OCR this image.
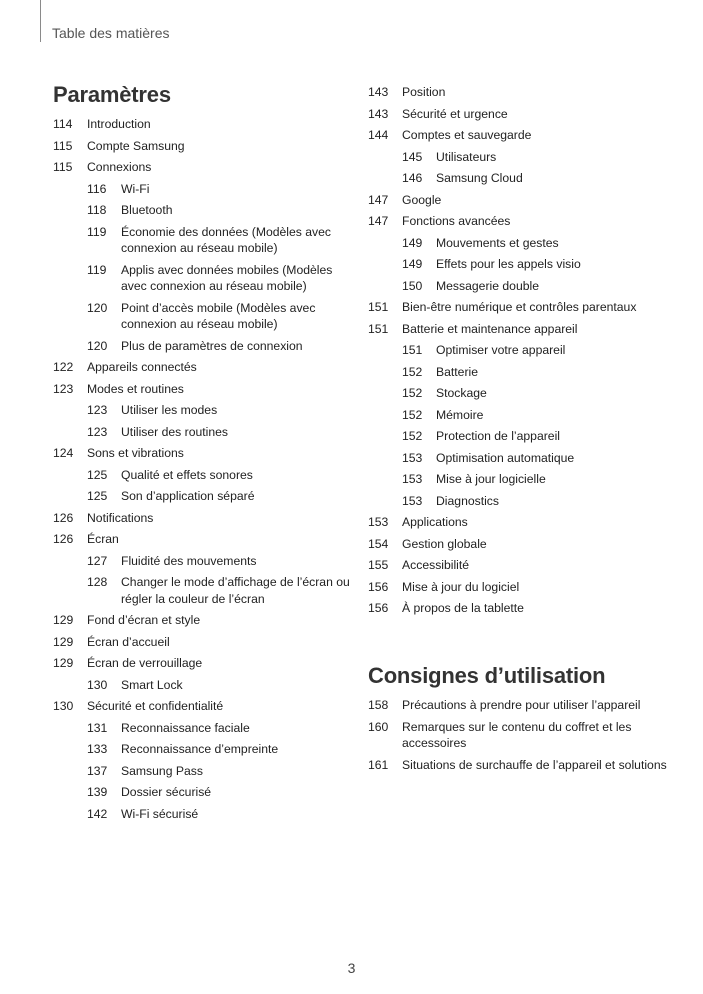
Table des matières
Paramètres
114	Introduction
115	Compte Samsung
115	Connexions
116	Wi-Fi
118	Bluetooth
119	Économie des données (Modèles avec connexion au réseau mobile)
119	Applis avec données mobiles (Modèles avec connexion au réseau mobile)
120	Point d’accès mobile (Modèles avec connexion au réseau mobile)
120	Plus de paramètres de connexion
122	Appareils connectés
123	Modes et routines
123	Utiliser les modes
123	Utiliser des routines
124	Sons et vibrations
125	Qualité et effets sonores
125	Son d’application séparé
126	Notifications
126	Écran
127	Fluidité des mouvements
128	Changer le mode d’affichage de l’écran ou régler la couleur de l’écran
129	Fond d’écran et style
129	Écran d’accueil
129	Écran de verrouillage
130	Smart Lock
130	Sécurité et confidentialité
131	Reconnaissance faciale
133	Reconnaissance d’empreinte
137	Samsung Pass
139	Dossier sécurisé
142	Wi-Fi sécurisé
143	Position
143	Sécurité et urgence
144	Comptes et sauvegarde
145	Utilisateurs
146	Samsung Cloud
147	Google
147	Fonctions avancées
149	Mouvements et gestes
149	Effets pour les appels visio
150	Messagerie double
151	Bien-être numérique et contrôles parentaux
151	Batterie et maintenance appareil
151	Optimiser votre appareil
152	Batterie
152	Stockage
152	Mémoire
152	Protection de l’appareil
153	Optimisation automatique
153	Mise à jour logicielle
153	Diagnostics
153	Applications
154	Gestion globale
155	Accessibilité
156	Mise à jour du logiciel
156	À propos de la tablette
Consignes d’utilisation
158	Précautions à prendre pour utiliser l’appareil
160	Remarques sur le contenu du coffret et les accessoires
161	Situations de surchauffe de l’appareil et solutions
3
